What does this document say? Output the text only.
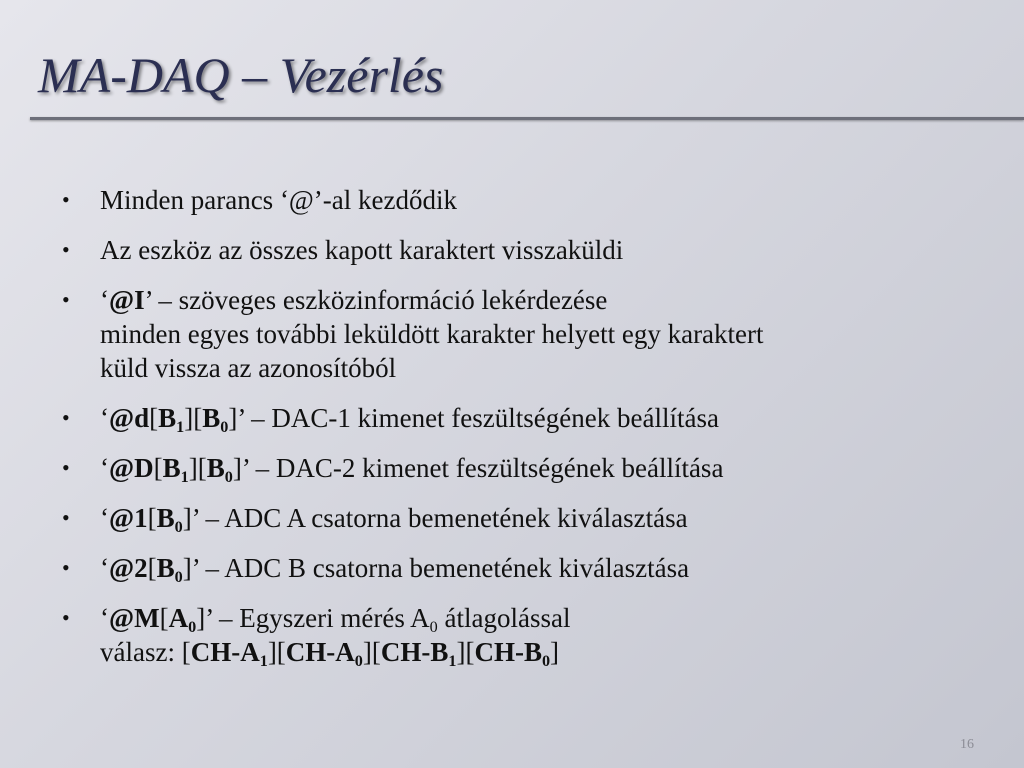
MA-DAQ – Vezérlés
•	Minden parancs ‘@’-al kezdődik
•	Az eszköz az összes kapott karaktert visszaküldi
•	‘@I’ – szöveges eszközinformáció lekérdezése
minden egyes további leküldött karakter helyett egy karaktert
küld vissza az azonosítóból
•	‘$@d[B_1][B_0]$’ – DAC-1 kimenet feszültségének beállítása
•	‘$@D[B_1][B_0]$’ – DAC-2 kimenet feszültségének beállítása
•	‘$@1[B_0]$’ – ADC A csatorna bemenetének kiválasztása
•	‘$@2[B_0]$’ – ADC B csatorna bemenetének kiválasztása
•	‘$@M[A_0]$’ – Egyszeri mérés $A_0$ átlagolással
válasz: $[CH-A_1][CH-A_0][CH-B_1][CH-B_0]$
16
